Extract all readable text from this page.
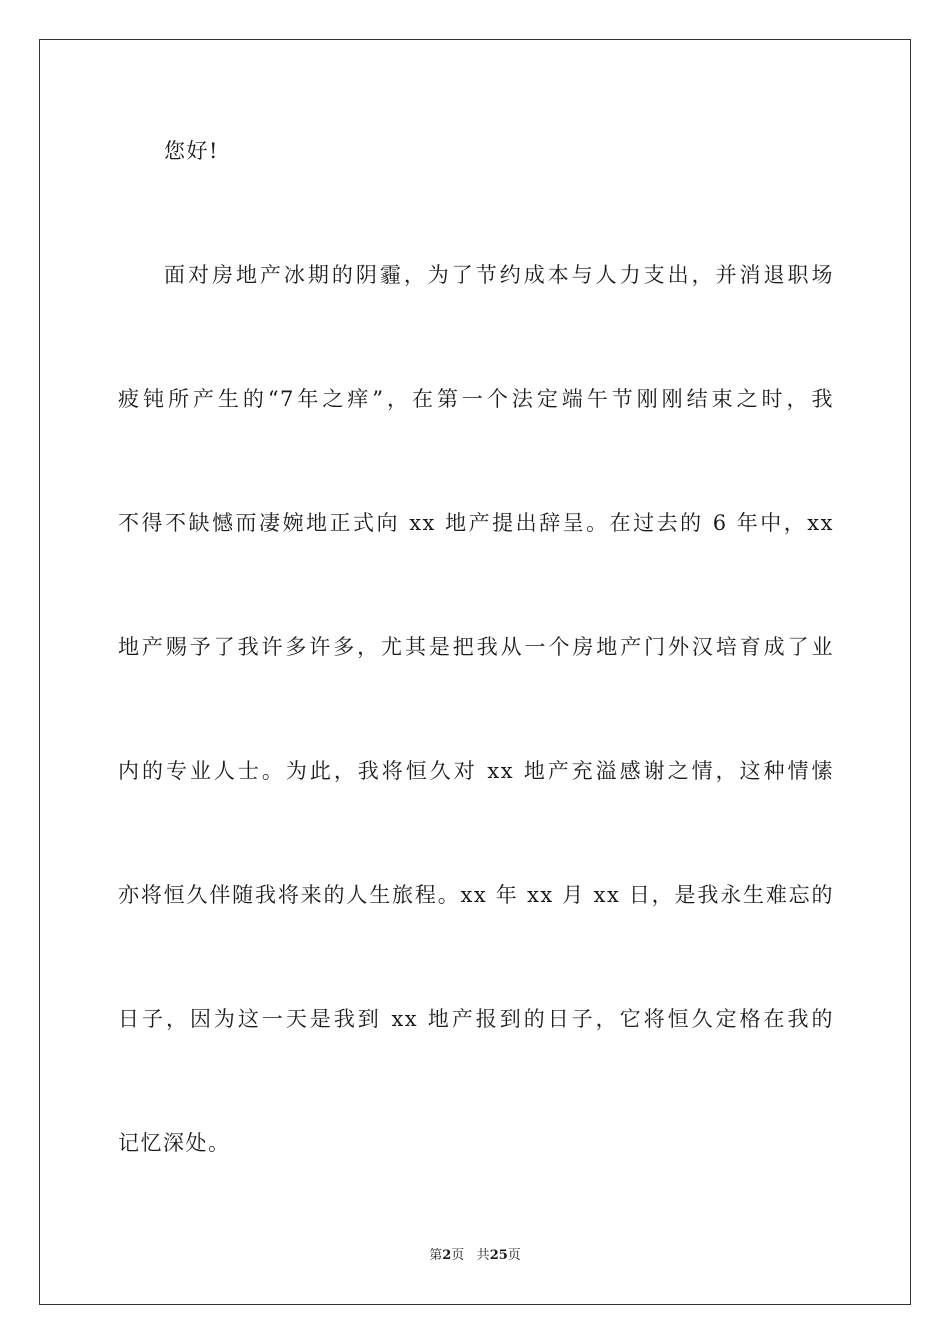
您好!
面对房地产冰期的阴霾，为了节约成本与人力支出，并消退职场
疲钝所产生的“7年之痒”，在第一个法定端午节刚刚结束之时，我
不得不缺憾而凄婉地正式向 xx 地产提出辞呈。在过去的 6 年中，xx
地产赐予了我许多许多，尤其是把我从一个房地产门外汉培育成了业
内的专业人士。为此，我将恒久对 xx 地产充溢感谢之情，这种情愫
亦将恒久伴随我将来的人生旅程。xx 年 xx 月 xx 日，是我永生难忘的
日子，因为这一天是我到 xx 地产报到的日子，它将恒久定格在我的
记忆深处。
第2页 共25页
